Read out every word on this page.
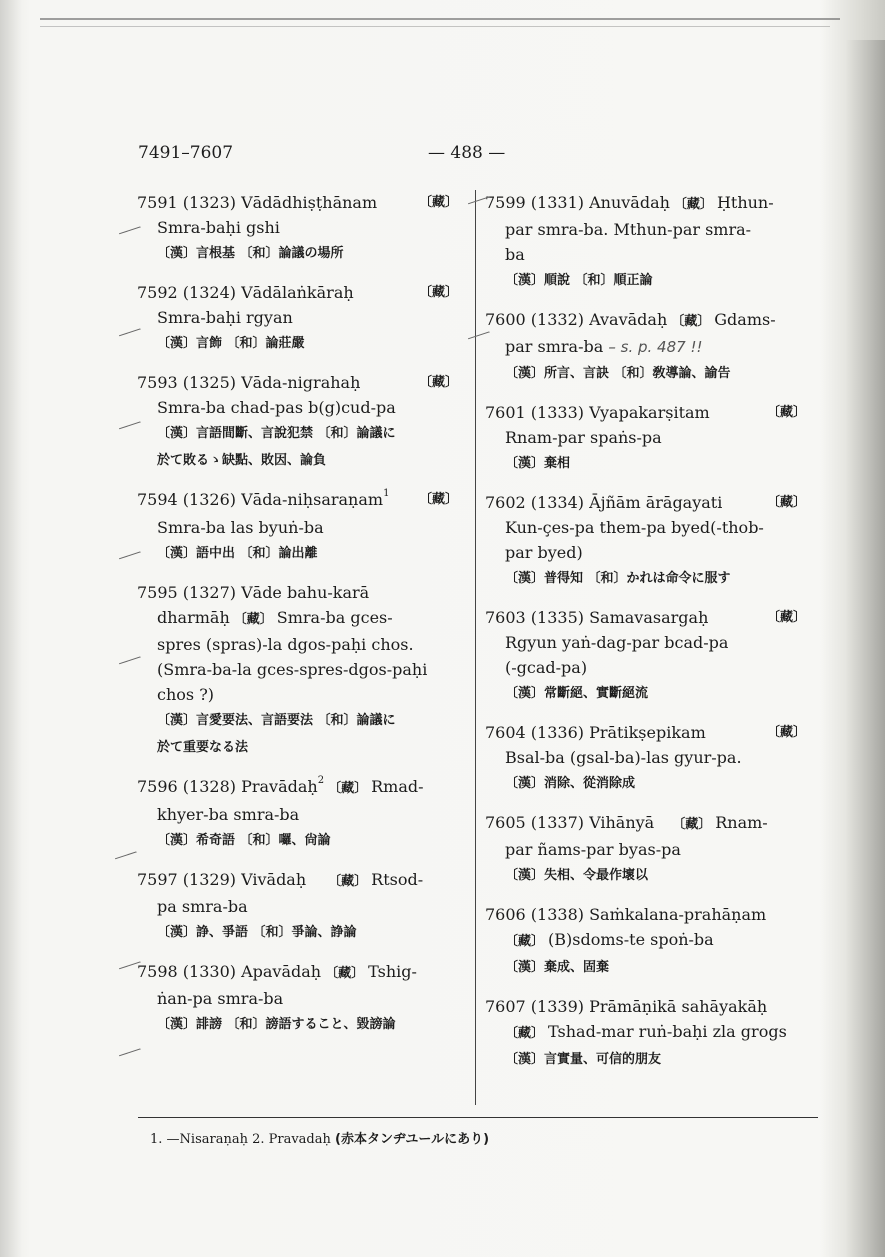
7491–7607	— 488 —
7591 (1323) Vādādhiṣṭhānam	〔藏〕
Smra-baḥi gshi
〔漢〕言根基 〔和〕論議の場所
7592 (1324) Vādālaṅkāraḥ	〔藏〕
Smra-baḥi rgyan
〔漢〕言飾 〔和〕論莊嚴
7593 (1325) Vāda-nigrahaḥ	〔藏〕
Smra-ba chad-pas b(g)cud-pa
〔漢〕言語間斷、言說犯禁 〔和〕論議に
於て敗るゝ缺點、敗因、論負
7594 (1326) Vāda-niḥsaraṇam$^1$ 〔藏〕
Smra-ba las byuṅ-ba
〔漢〕語中出 〔和〕論出離
7595 (1327) Vāde bahu-karā
dharmāḥ 〔藏〕 Smra-ba gces-
spres (spras)-la dgos-paḥi chos.
(Smra-ba-la gces-spres-dgos-paḥi
chos ?)
〔漢〕言愛要法、言語要法 〔和〕論議に
於て重要なる法
7596 (1328) Pravādaḥ$^2$〔藏〕 Rmad-
khyer-ba smra-ba
〔漢〕希奇語 〔和〕囉、尙論
7597 (1329) Vivādaḥ 〔藏〕 Rtsod-
pa smra-ba
〔漢〕諍、爭語 〔和〕爭論、諍論
7598 (1330) Apavādaḥ 〔藏〕 Tshig-
ṅan-pa smra-ba
〔漢〕誹謗 〔和〕謗語すること、毀謗論
7599 (1331) Anuvādaḥ 〔藏〕 Ḥthun-
par smra-ba. Mthun-par smra-
ba
〔漢〕順說 〔和〕順正論
7600 (1332) Avavādaḥ 〔藏〕 Gdams-
par smra-ba – s. p. 487 !!
〔漢〕所言、言訣 〔和〕敎導論、諭告
7601 (1333) Vyapakarṣitam	〔藏〕
Rnam-par spaṅs-pa
〔漢〕棄相
7602 (1334) Ājñām ārāgayati	〔藏〕
Kun-çes-pa them-pa byed(-thob-
par byed)
〔漢〕普得知 〔和〕かれは命令に服す
7603 (1335) Samavasargaḥ	〔藏〕
Rgyun yaṅ-dag-par bcad-pa
(-gcad-pa)
〔漢〕常斷絕、實斷絕流
7604 (1336) Prātikṣepikam	〔藏〕
Bsal-ba (gsal-ba)-las gyur-pa.
〔漢〕消除、從消除成
7605 (1337) Vihānyā 〔藏〕 Rnam-
par ñams-par byas-pa
〔漢〕失相、令最作壞以
7606 (1338) Saṁkalana-prahāṇam
〔藏〕 (B)sdoms-te spoṅ-ba
〔漢〕棄成、固棄
7607 (1339) Prāmāṇikā sahāyakāḥ
〔藏〕 Tshad-mar ruṅ-baḥi zla grogs
〔漢〕言實量、可信的朋友
1. —Nisaraṇaḥ 2. Pravadaḥ (赤本タンヂユールにあり)
